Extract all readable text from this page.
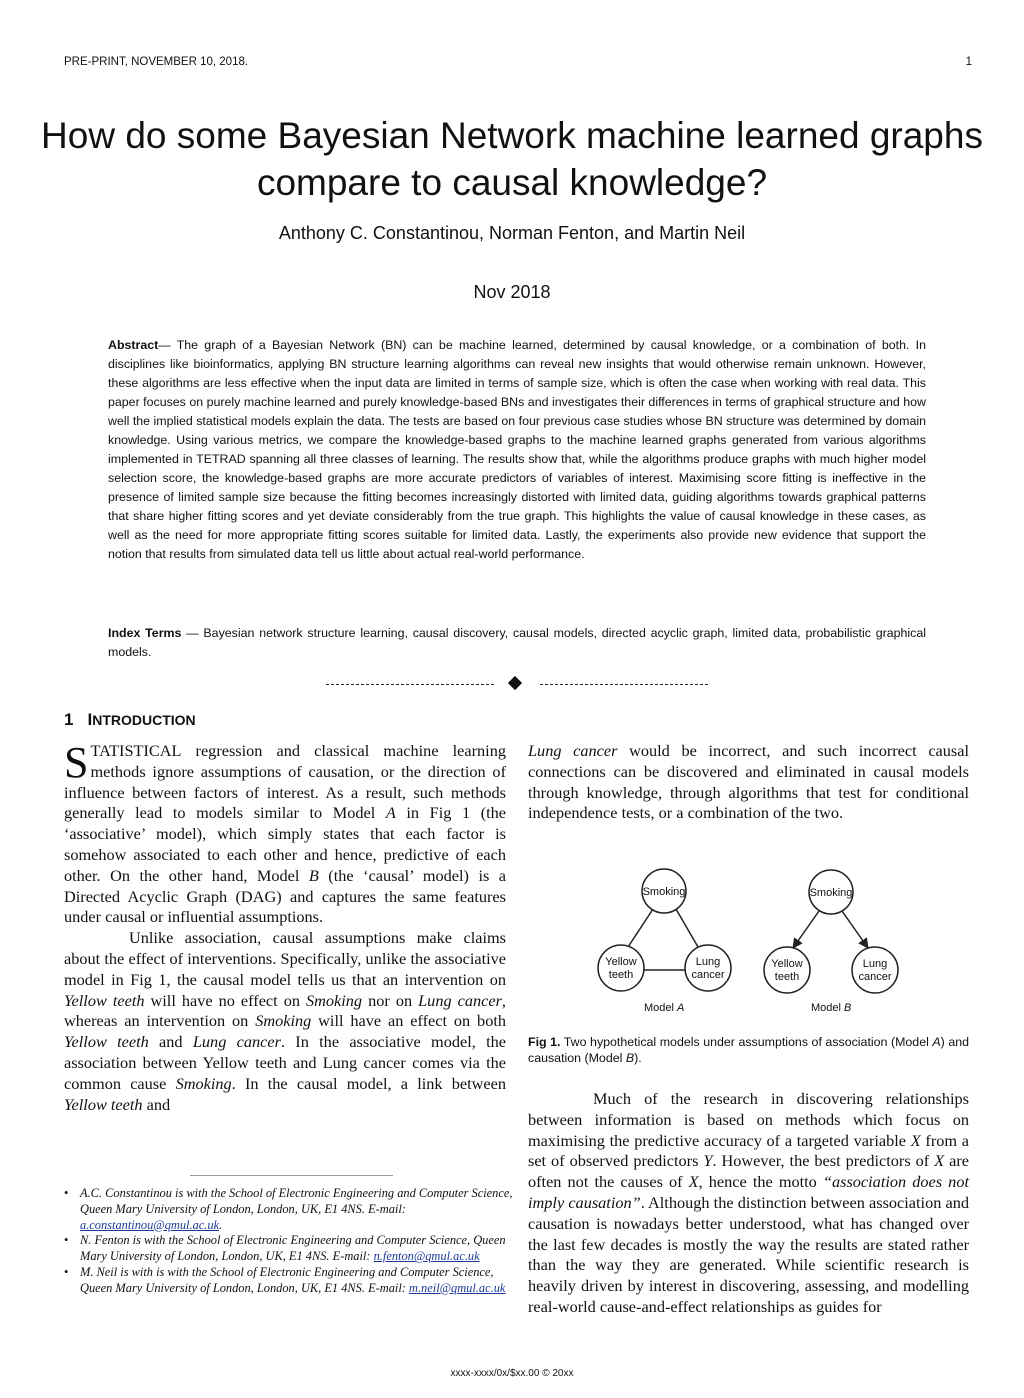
PRE-PRINT, NOVEMBER 10, 2018.	1
How do some Bayesian Network machine learned graphs compare to causal knowledge?
Anthony C. Constantinou, Norman Fenton, and Martin Neil
Nov 2018

Abstract— The graph of a Bayesian Network (BN) can be machine learned, determined by causal knowledge, or a combination of both. In disciplines like bioinformatics, applying BN structure learning algorithms can reveal new insights that would otherwise remain unknown. However, these algorithms are less effective when the input data are limited in terms of sample size, which is often the case when working with real data. This paper focuses on purely machine learned and purely knowledge-based BNs and investigates their differences in terms of graphical structure and how well the implied statistical models explain the data. The tests are based on four previous case studies whose BN structure was determined by domain knowledge. Using various metrics, we compare the knowledge-based graphs to the machine learned graphs generated from various algorithms implemented in TETRAD spanning all three classes of learning. The results show that, while the algorithms produce graphs with much higher model selection score, the knowledge-based graphs are more accurate predictors of variables of interest. Maximising score fitting is ineffective in the presence of limited sample size because the fitting becomes increasingly distorted with limited data, guiding algorithms towards graphical patterns that share higher fitting scores and yet deviate considerably from the true graph. This highlights the value of causal knowledge in these cases, as well as the need for more appropriate fitting scores suitable for limited data. Lastly, the experiments also provide new evidence that support the notion that results from simulated data tell us little about actual real-world performance.

Index Terms — Bayesian network structure learning, causal discovery, causal models, directed acyclic graph, limited data, probabilistic graphical models.

1 INTRODUCTION

STATISTICAL regression and classical machine learning methods ignore assumptions of causation, or the direction of influence between factors of interest. As a result, such methods generally lead to models similar to Model A in Fig 1 (the ‘associative’ model), which simply states that each factor is somehow associated to each other and hence, predictive of each other. On the other hand, Model B (the ‘causal’ model) is a Directed Acyclic Graph (DAG) and captures the same features under causal or influential assumptions.

Unlike association, causal assumptions make claims about the effect of interventions. Specifically, unlike the associative model in Fig 1, the causal model tells us that an intervention on Yellow teeth will have no effect on Smoking nor on Lung cancer, whereas an intervention on Smoking will have an effect on both Yellow teeth and Lung cancer. In the associative model, the association between Yellow teeth and Lung cancer comes via the common cause Smoking. In the causal model, a link between Yellow teeth and

Lung cancer would be incorrect, and such incorrect causal connections can be discovered and eliminated in causal models through knowledge, through algorithms that test for conditional independence tests, or a combination of the two.

Smoking
Yellow
teeth
Lung
cancer
Model A
Smoking
Yellow
teeth
Lung
cancer
Model B

Fig 1. Two hypothetical models under assumptions of association (Model A) and causation (Model B).

Much of the research in discovering relationships between information is based on methods which focus on maximising the predictive accuracy of a targeted variable X from a set of observed predictors Y. However, the best predictors of X are often not the causes of X, hence the motto “association does not imply causation”. Although the distinction between association and causation is nowadays better understood, what has changed over the last few decades is mostly the way the results are stated rather than the way they are generated. While scientific research is heavily driven by interest in discovering, assessing, and modelling real-world cause-and-effect relationships as guides for

• A.C. Constantinou is with the School of Electronic Engineering and Computer Science, Queen Mary University of London, London, UK, E1 4NS. E-mail: a.constantinou@qmul.ac.uk.
• N. Fenton is with the School of Electronic Engineering and Computer Science, Queen Mary University of London, London, UK, E1 4NS. E-mail: n.fenton@qmul.ac.uk
• M. Neil is with is with the School of Electronic Engineering and Computer Science, Queen Mary University of London, London, UK, E1 4NS. E-mail: m.neil@qmul.ac.uk
xxxx-xxxx/0x/$xx.00 © 20xx
